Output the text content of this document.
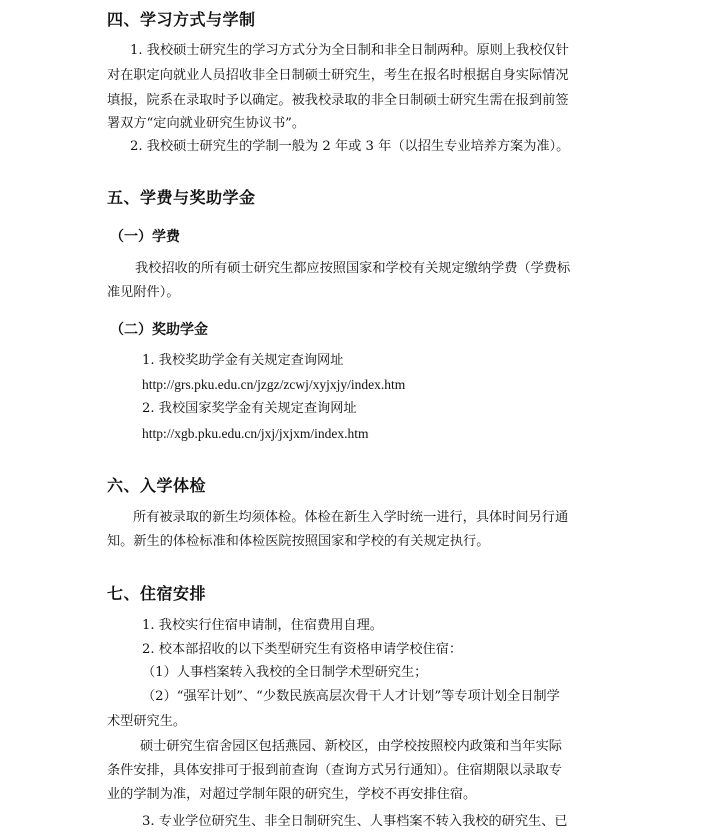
四、学习方式与学制
1. 我校硕士研究生的学习方式分为全日制和非全日制两种。原则上我校仅针
对在职定向就业人员招收非全日制硕士研究生，考生在报名时根据自身实际情况
填报，院系在录取时予以确定。被我校录取的非全日制硕士研究生需在报到前签
署双方“定向就业研究生协议书”。
2. 我校硕士研究生的学制一般为 2 年或 3 年（以招生专业培养方案为准）。
五、学费与奖助学金
（一）学费
我校招收的所有硕士研究生都应按照国家和学校有关规定缴纳学费（学费标
准见附件）。
（二）奖助学金
1. 我校奖助学金有关规定查询网址
http://grs.pku.edu.cn/jzgz/zcwj/xyjxjy/index.htm
2. 我校国家奖学金有关规定查询网址
http://xgb.pku.edu.cn/jxj/jxjxm/index.htm
六、入学体检
所有被录取的新生均须体检。体检在新生入学时统一进行，具体时间另行通
知。新生的体检标准和体检医院按照国家和学校的有关规定执行。
七、住宿安排
1. 我校实行住宿申请制，住宿费用自理。
2. 校本部招收的以下类型研究生有资格申请学校住宿：
（1）人事档案转入我校的全日制学术型研究生；
（2）“强军计划”、“少数民族高层次骨干人才计划”等专项计划全日制学
术型研究生。
硕士研究生宿舍园区包括燕园、新校区，由学校按照校内政策和当年实际
条件安排，具体安排可于报到前查询（查询方式另行通知）。住宿期限以录取专
业的学制为准，对超过学制年限的研究生，学校不再安排住宿。
3. 专业学位研究生、非全日制研究生、人事档案不转入我校的研究生、已
